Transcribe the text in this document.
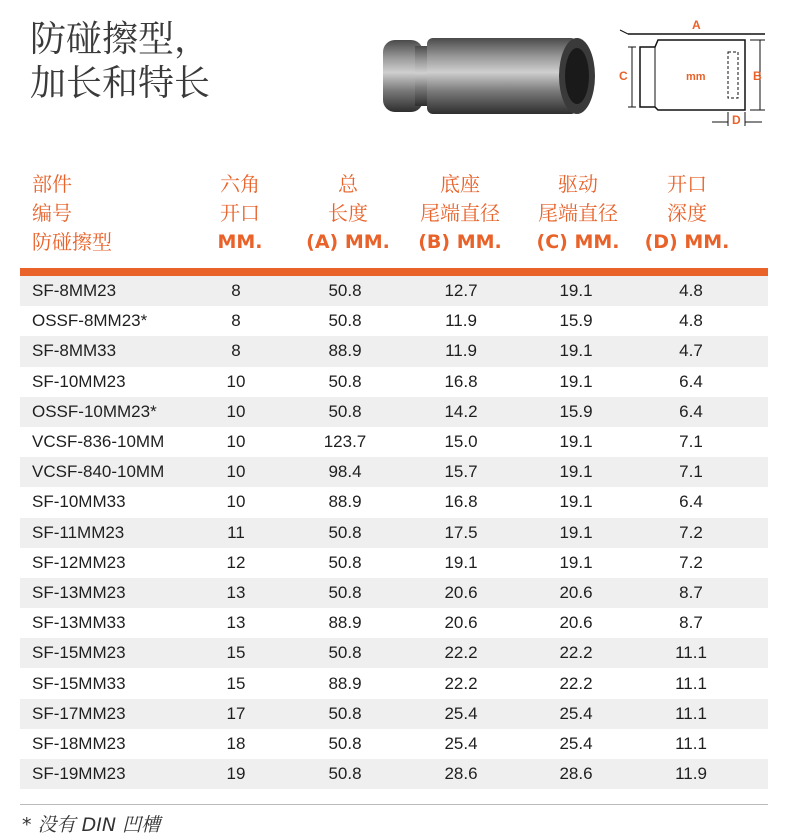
防碰擦型，
加长和特长
A
C	B
mm
D
部件
编号
防碰擦型
六角
开口
MM.
总
长度
(A) MM.
底座
尾端直径
(B) MM.
驱动
尾端直径
(C) MM.
开口
深度
(D) MM.
SF-8MM23	8	50.8	12.7	19.1	4.8
OSSF-8MM23*	8	50.8	11.9	15.9	4.8
SF-8MM33	8	88.9	11.9	19.1	4.7
SF-10MM23	10	50.8	16.8	19.1	6.4
OSSF-10MM23*	10	50.8	14.2	15.9	6.4
VCSF-836-10MM	10	123.7	15.0	19.1	7.1
VCSF-840-10MM	10	98.4	15.7	19.1	7.1
SF-10MM33	10	88.9	16.8	19.1	6.4
SF-11MM23	11	50.8	17.5	19.1	7.2
SF-12MM23	12	50.8	19.1	19.1	7.2
SF-13MM23	13	50.8	20.6	20.6	8.7
SF-13MM33	13	88.9	20.6	20.6	8.7
SF-15MM23	15	50.8	22.2	22.2	11.1
SF-15MM33	15	88.9	22.2	22.2	11.1
SF-17MM23	17	50.8	25.4	25.4	11.1
SF-18MM23	18	50.8	25.4	25.4	11.1
SF-19MM23	19	50.8	28.6	28.6	11.9
* 没有 DIN 凹槽
